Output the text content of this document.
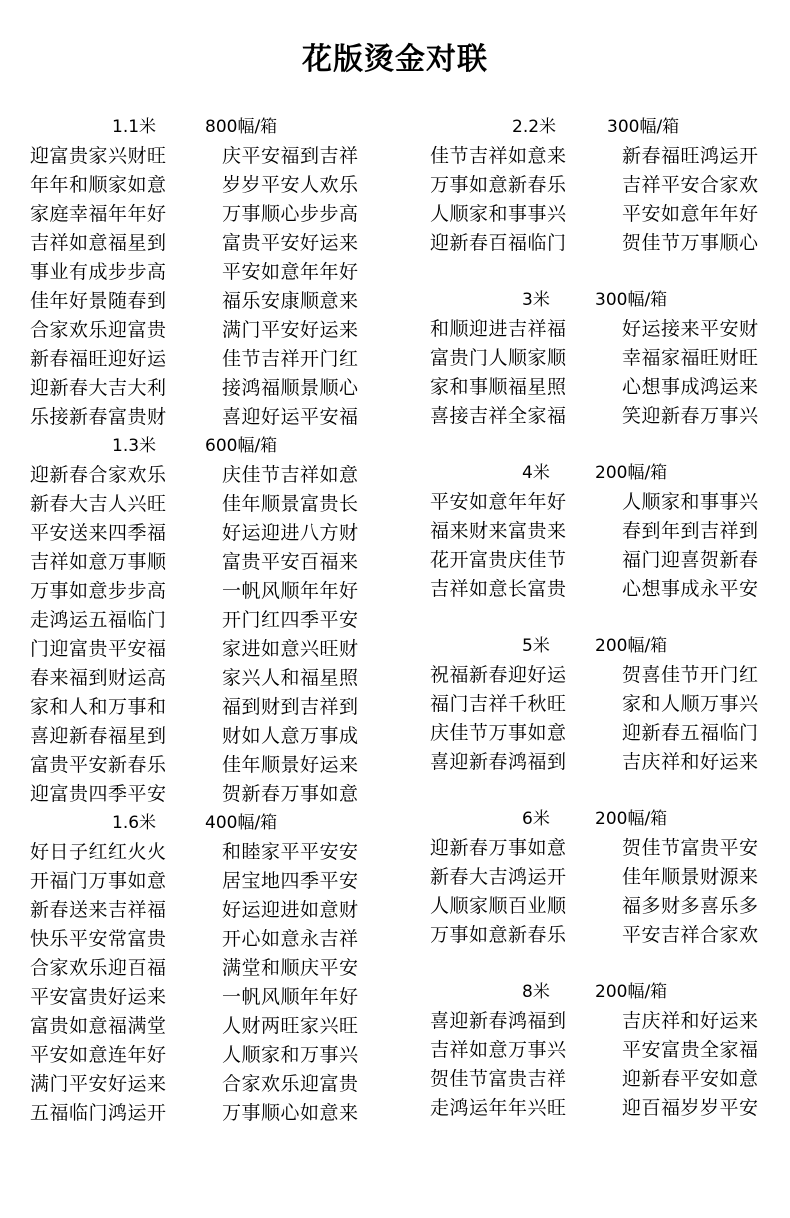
花版烫金对联
1.1米	800幅/箱
迎富贵家兴财旺	庆平安福到吉祥
年年和顺家如意	岁岁平安人欢乐
家庭幸福年年好	万事顺心步步高
吉祥如意福星到	富贵平安好运来
事业有成步步高	平安如意年年好
佳年好景随春到	福乐安康顺意来
合家欢乐迎富贵	满门平安好运来
新春福旺迎好运	佳节吉祥开门红
迎新春大吉大利	接鸿福顺景顺心
乐接新春富贵财	喜迎好运平安福
1.3米	600幅/箱
迎新春合家欢乐	庆佳节吉祥如意
新春大吉人兴旺	佳年顺景富贵长
平安送来四季福	好运迎进八方财
吉祥如意万事顺	富贵平安百福来
万事如意步步高	一帆风顺年年好
走鸿运五福临门	开门红四季平安
门迎富贵平安福	家进如意兴旺财
春来福到财运高	家兴人和福星照
家和人和万事和	福到财到吉祥到
喜迎新春福星到	财如人意万事成
富贵平安新春乐	佳年顺景好运来
迎富贵四季平安	贺新春万事如意
1.6米	400幅/箱
好日子红红火火	和睦家平平安安
开福门万事如意	居宝地四季平安
新春送来吉祥福	好运迎进如意财
快乐平安常富贵	开心如意永吉祥
合家欢乐迎百福	满堂和顺庆平安
平安富贵好运来	一帆风顺年年好
富贵如意福满堂	人财两旺家兴旺
平安如意连年好	人顺家和万事兴
满门平安好运来	合家欢乐迎富贵
五福临门鸿运开	万事顺心如意来
2.2米	300幅/箱
佳节吉祥如意来	新春福旺鸿运开
万事如意新春乐	吉祥平安合家欢
人顺家和事事兴	平安如意年年好
迎新春百福临门	贺佳节万事顺心
3米	300幅/箱
和顺迎进吉祥福	好运接来平安财
富贵门人顺家顺	幸福家福旺财旺
家和事顺福星照	心想事成鸿运来
喜接吉祥全家福	笑迎新春万事兴
4米	200幅/箱
平安如意年年好	人顺家和事事兴
福来财来富贵来	春到年到吉祥到
花开富贵庆佳节	福门迎喜贺新春
吉祥如意长富贵	心想事成永平安
5米	200幅/箱
祝福新春迎好运	贺喜佳节开门红
福门吉祥千秋旺	家和人顺万事兴
庆佳节万事如意	迎新春五福临门
喜迎新春鸿福到	吉庆祥和好运来
6米	200幅/箱
迎新春万事如意	贺佳节富贵平安
新春大吉鸿运开	佳年顺景财源来
人顺家顺百业顺	福多财多喜乐多
万事如意新春乐	平安吉祥合家欢
8米	200幅/箱
喜迎新春鸿福到	吉庆祥和好运来
吉祥如意万事兴	平安富贵全家福
贺佳节富贵吉祥	迎新春平安如意
走鸿运年年兴旺	迎百福岁岁平安
